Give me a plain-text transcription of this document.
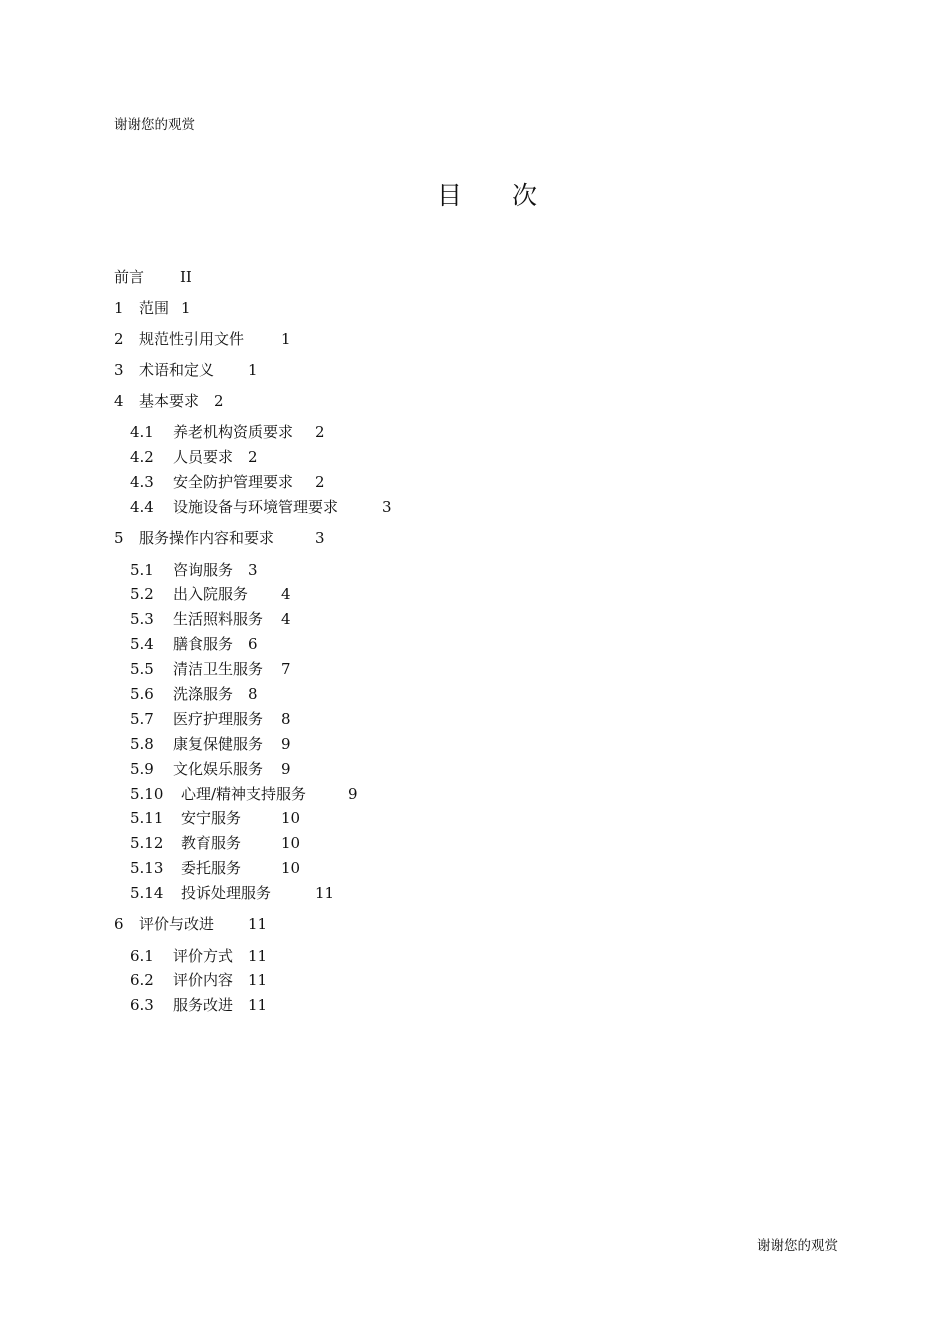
谢谢您的观赏
目 次
前言	II
1	范围 1
2	规范性引用文件	1
3	术语和定义	1
4	基本要求 2
4.1	养老机构资质要求	2
4.2	人员要求 2
4.3	安全防护管理要求	2
4.4	设施设备与环境管理要求	3
5	服务操作内容和要求	3
5.1	咨询服务 3
5.2	出入院服务	4
5.3	生活照料服务	4
5.4	膳食服务 6
5.5	清洁卫生服务	7
5.6	洗涤服务 8
5.7	医疗护理服务	8
5.8	康复保健服务	9
5.9	文化娱乐服务	9
5.10	心理/精神支持服务	9
5.11	安宁服务	10
5.12	教育服务	10
5.13	委托服务	10
5.14	投诉处理服务	11
6	评价与改进	11
6.1	评价方式 11
6.2	评价内容 11
6.3	服务改进 11
谢谢您的观赏
